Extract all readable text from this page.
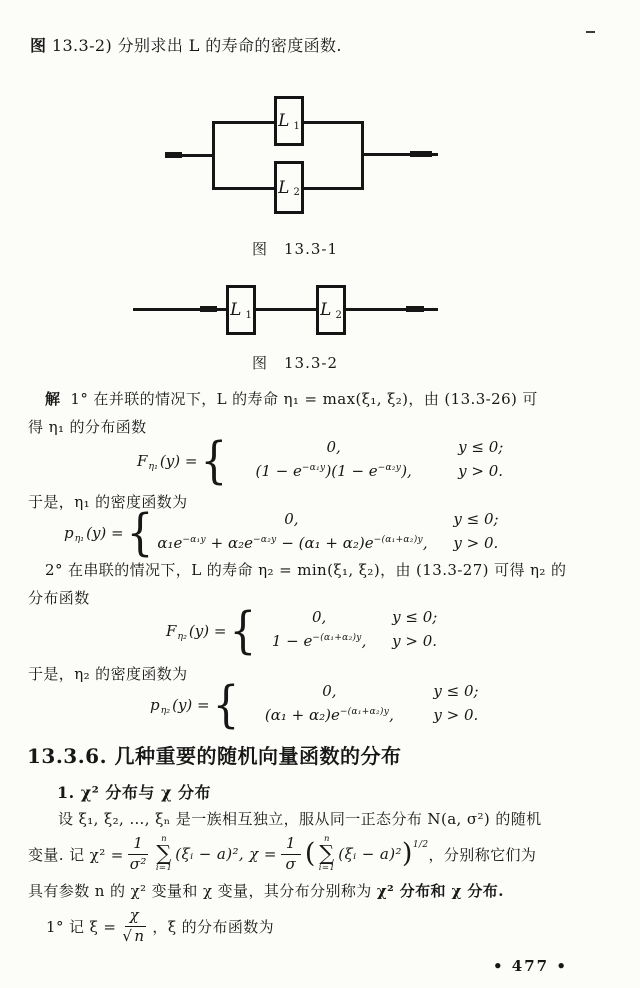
图 13.3-2) 分别求出 L 的寿命的密度函数.
L 1
L 2
图　13.3-1
L 1	L 2
图　13.3-2
解 1° 在并联的情况下，L 的寿命 η₁ = max(ξ₁, ξ₂)，由 (13.3-26) 可
得 η₁ 的分布函数
F η₁ (y) = {	0,	y ≤ 0;
$(1 - e^{-\alpha_1y})(1 - e^{-\alpha_2y})$,	y > 0.
于是，η₁ 的密度函数为
p η₁ (y) = {	0,	y ≤ 0;
$\alpha_1e^{-\alpha_1y} + \alpha_2e^{-\alpha_2y} - (\alpha_1 + \alpha_2)e^{-(\alpha_1+\alpha_2)y}$, y > 0.
2° 在串联的情况下，L 的寿命 η₂ = min(ξ₁, ξ₂)，由 (13.3-27) 可得 η₂ 的
分布函数
F η₂ (y) = {	0,	y ≤ 0;
$1 - e^{-(\alpha_1+\alpha_2)y}$,	y > 0.
于是，η₂ 的密度函数为
p η₂ (y) = {	0,	y ≤ 0;
$(\alpha_1 + \alpha_2)e^{-(\alpha_1+\alpha_2)y}$,	y > 0.
13.3.6. 几种重要的随机向量函数的分布
1. χ² 分布与 χ 分布
设 ξ₁, ξ₂, …, ξₙ 是一族相互独立，服从同一正态分布 N(a, σ²) 的随机
变量. 记 $\chi^2 = \frac{1}{\text{σ²}}$ n
∑
i=1
(ξᵢ − a)², $\chi = \frac{1}{\sigma}$ ( n
∑
i=1
(ξᵢ − a)² ) 1/2
，分别称它们为
具有参数 n 的 χ² 变量和 χ 变量，其分布分别称为 χ² 分布和 χ 分布.
1° 记 $\xi = \frac{\chi}{√ n}$ ，ξ 的分布函数为
• 477 •
